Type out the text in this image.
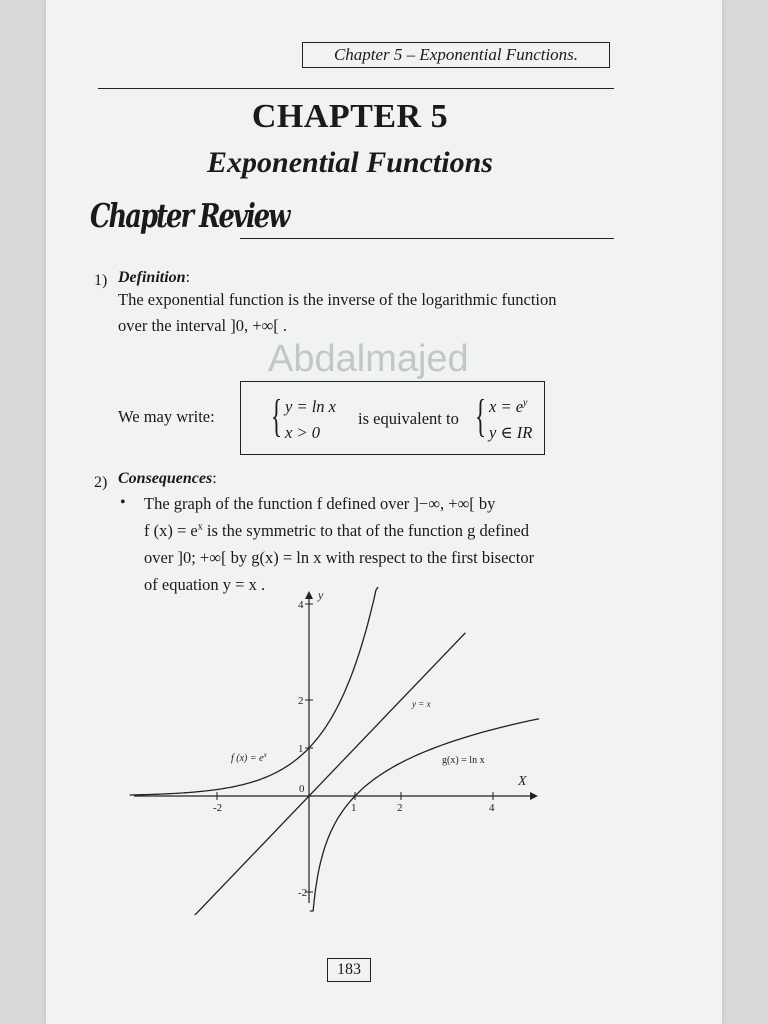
Chapter 5 – Exponential Functions.
CHAPTER 5
Exponential Functions
Chapter Review
1) Definition:
The exponential function is the inverse of the logarithmic function
over the interval ]0, +∞[ .
Abdalmajed
We may write: { y = ln x
x > 0
is equivalent to { $x = e^y$
y ∈ IR
2) Consequences:
• The graph of the function f defined over ]−∞, +∞[ by
f $(x) = e^x$ is the symmetric to that of the function g defined
over ]0; +∞[ by g(x) = ln x with respect to the first bisector
of equation y = x .
X
y
0
-2	1	2	4
4
2
1
-2
f $(x) = e^x$	g(x) = ln x
y = x
183
